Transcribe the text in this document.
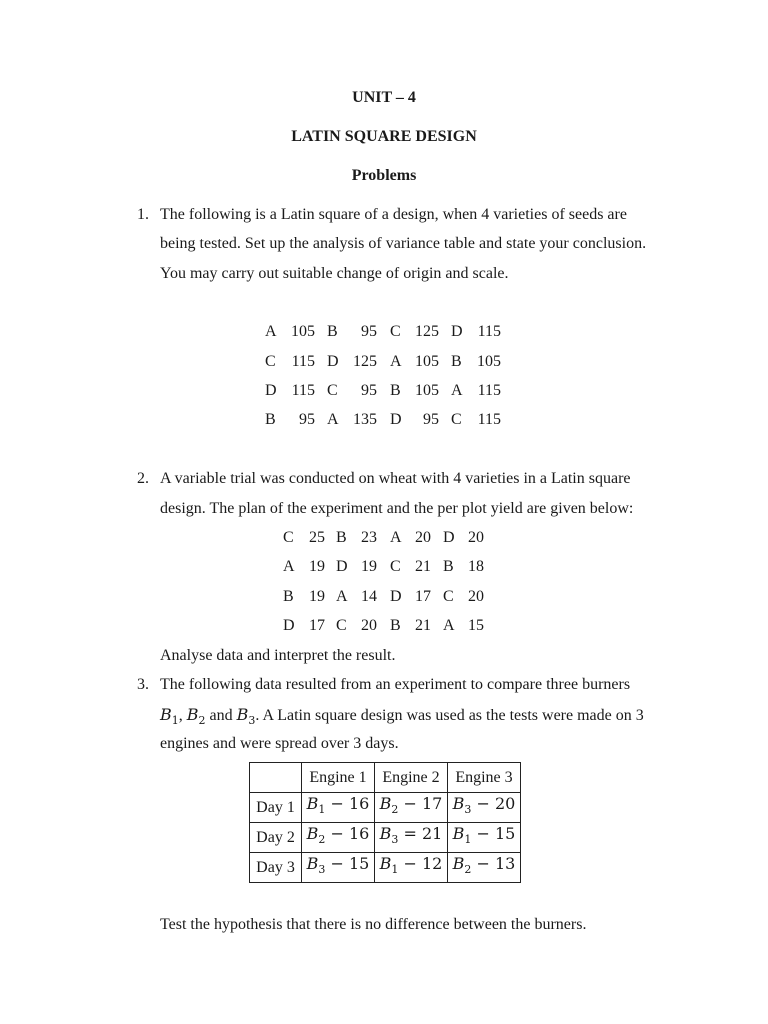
UNIT – 4
LATIN SQUARE DESIGN
Problems
1. The following is a Latin square of a design, when 4 varieties of seeds are
being tested. Set up the analysis of variance table and state your conclusion.
You may carry out suitable change of origin and scale.
A 105 B	95 C 125 D 115
C 115 D 125 A 105 B 105
D 115 C	95 B 105 A 115
B	95 A 135 D	95 C 115
2. A variable trial was conducted on wheat with 4 varieties in a Latin square
design. The plan of the experiment and the per plot yield are given below:
C 25 B 23 A 20 D 20
A 19 D 19 C 21 B 18
B 19 A 14 D 17 C 20
D 17 C 20 B 21 A 15
Analyse data and interpret the result.
3. The following data resulted from an experiment to compare three burners
$B_1$, $B_2$ and $B_3$. A Latin square design was used as the tests were made on 3
engines and were spread over 3 days.
	Engine 1	Engine 2	Engine 3
Day 1	$B_1 - 16$	$B_2 - 17$	$B_3 - 20$
Day 2	$B_2 - 16$	$B_3 = 21$	$B_1 - 15$
Day 3	$B_3 - 15$	$B_1 - 12$	$B_2 - 13$
Test the hypothesis that there is no difference between the burners.
